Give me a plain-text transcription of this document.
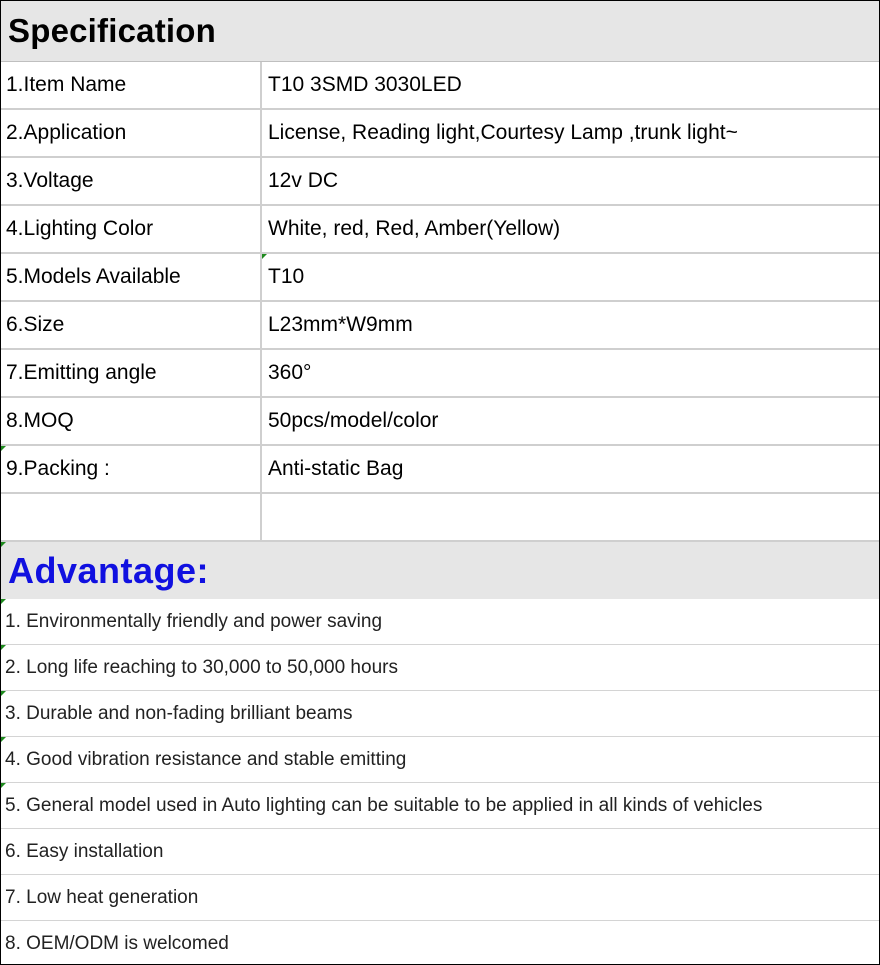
Specification
1.Item Name	T10 3SMD 3030LED
2.Application	License, Reading light,Courtesy Lamp ,trunk light~
3.Voltage	12v DC
4.Lighting Color	White, red, Red, Amber(Yellow)
5.Models Available	T10
6.Size	L23mm*W9mm
7.Emitting angle	360°
8.MOQ	50pcs/model/color
9.Packing :	Anti-static Bag
Advantage:
1. Environmentally friendly and power saving
2. Long life reaching to 30,000 to 50,000 hours
3. Durable and non-fading brilliant beams
4. Good vibration resistance and stable emitting
5. General model used in Auto lighting can be suitable to be applied in all kinds of vehicles
6. Easy installation
7. Low heat generation
8. OEM/ODM is welcomed
